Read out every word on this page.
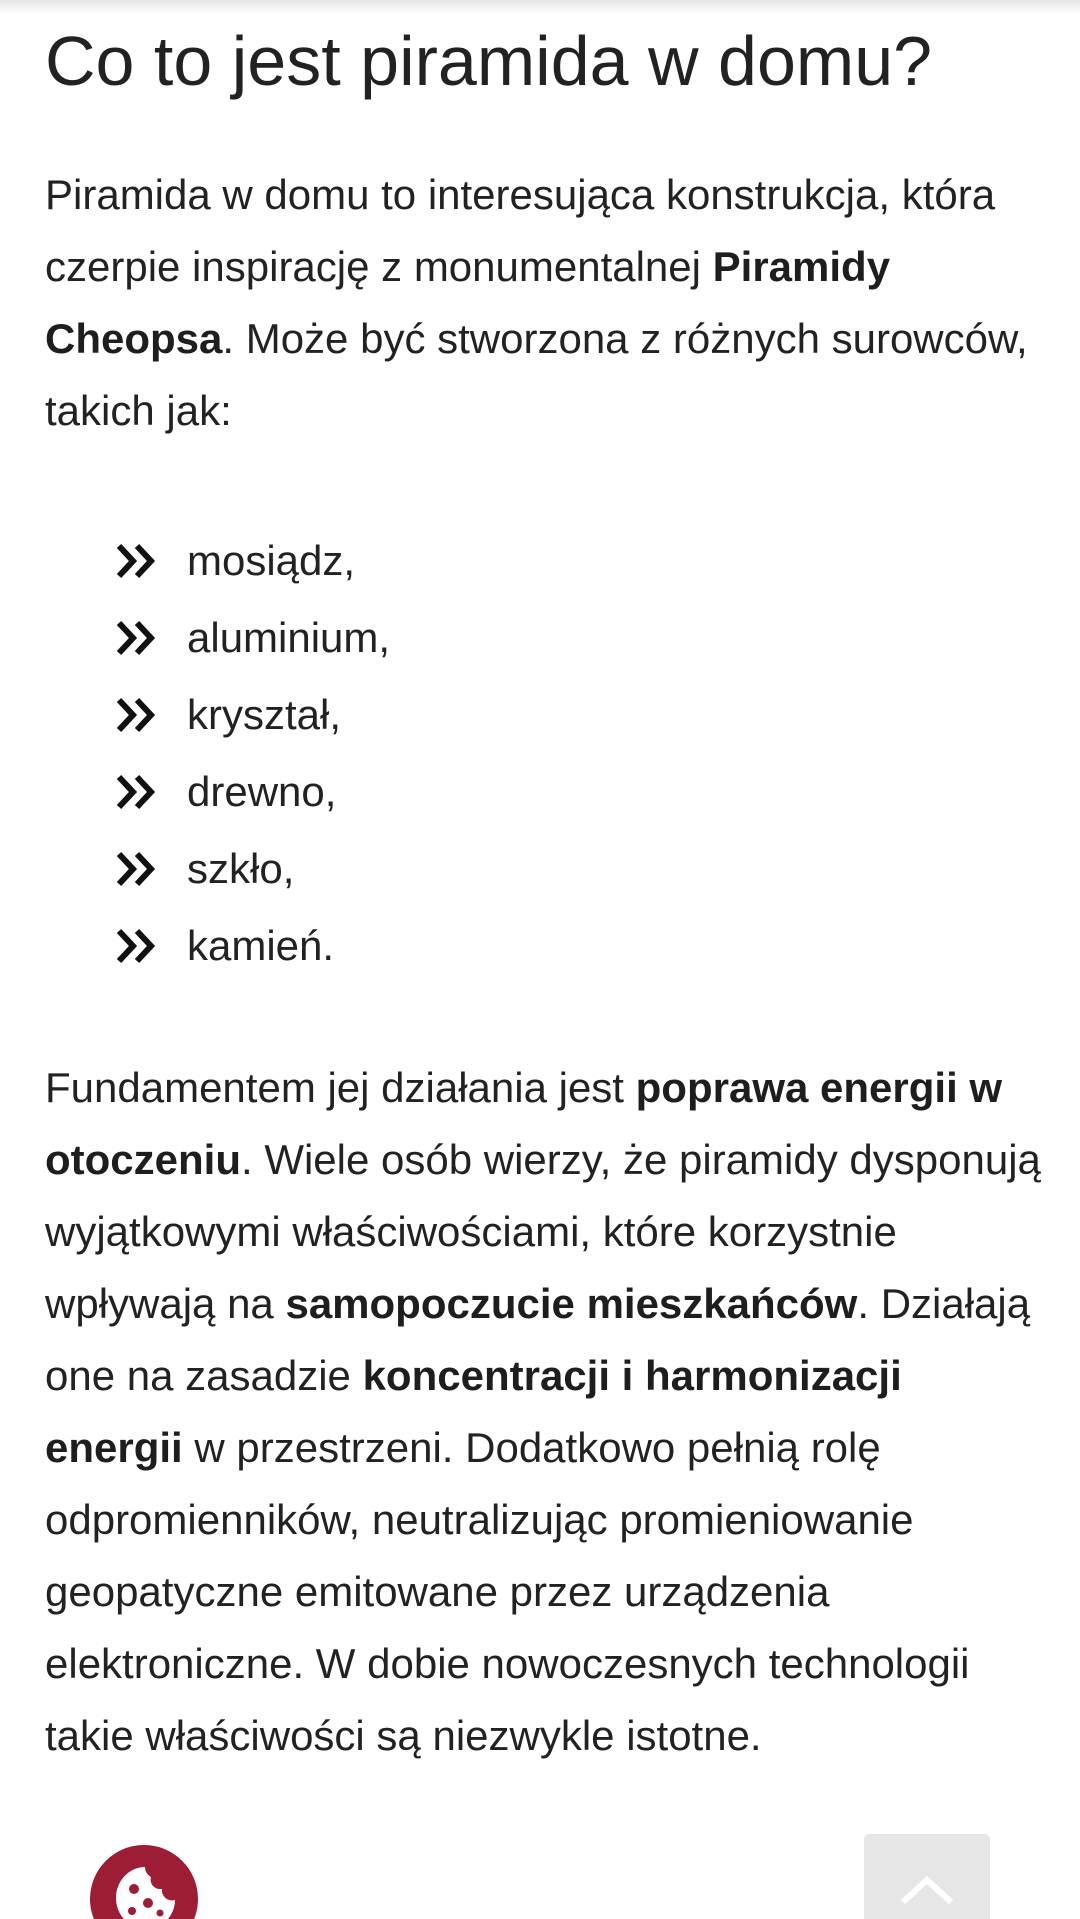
Co to jest piramida w domu?

Piramida w domu to interesująca konstrukcja, która czerpie inspirację z monumentalnej Piramidy Cheopsa. Może być stworzona z różnych surowców, takich jak:

mosiądz,
aluminium,
kryształ,
drewno,
szkło,
kamień.

Fundamentem jej działania jest poprawa energii w otoczeniu. Wiele osób wierzy, że piramidy dysponują wyjątkowymi właściwościami, które korzystnie wpływają na samopoczucie mieszkańców. Działają one na zasadzie koncentracji i harmonizacji energii w przestrzeni. Dodatkowo pełnią rolę odpromienników, neutralizując promieniowanie geopatyczne emitowane przez urządzenia elektroniczne. W dobie nowoczesnych technologii takie właściwości są niezwykle istotne.
